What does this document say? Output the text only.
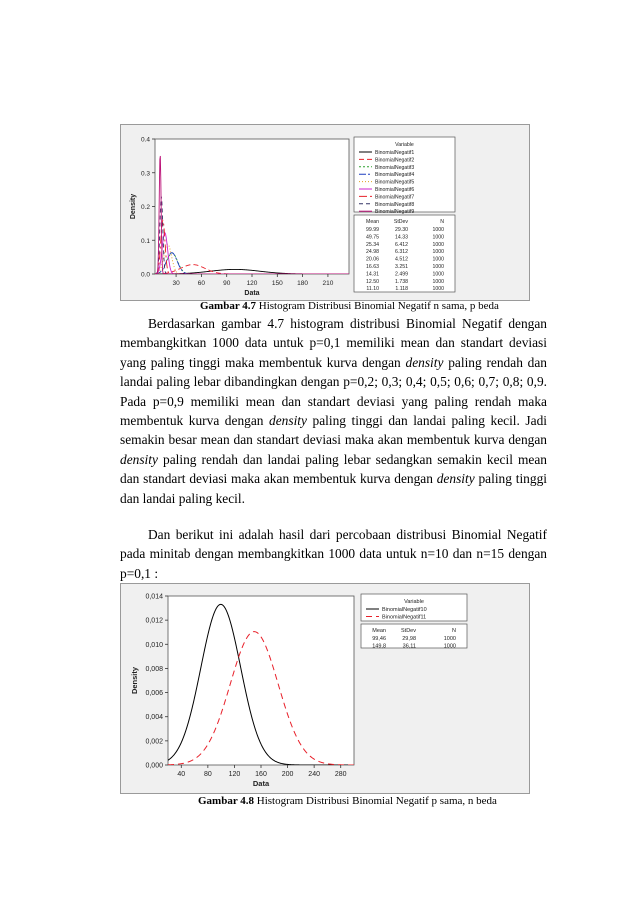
0.0
0.1
0.2
0.3
0.4
30	60	90	120 150 180 210
Data
Density
Variable
BinomialNegatif1
BinomialNegatif2
BinomialNegatif3
BinomialNegatif4
BinomialNegatif5
BinomialNegatif6
BinomialNegatif7
BinomialNegatif8
BinomialNegatif9
Mean	StDev	N
99.99	29.30	1000
49.75	14.33	1000
25.34	6.412	1000
24.98	6.312	1000
20.06	4.512	1000
16.63	3.251	1000
14.31	2.499	1000
12.50	1.738	1000
11.10	1.118	1000
Gambar 4.7 Histogram Distribusi Binomial Negatif n sama, p beda

Berdasarkan gambar 4.7 histogram distribusi Binomial Negatif dengan membangkitkan 1000 data untuk p=0,1 memiliki mean dan standart deviasi yang paling tinggi maka membentuk kurva dengan density paling rendah dan landai paling lebar dibandingkan dengan p=0,2; 0,3; 0,4; 0,5; 0,6; 0,7; 0,8; 0,9. Pada p=0,9 memiliki mean dan standart deviasi yang paling rendah maka membentuk kurva dengan density paling tinggi dan landai paling kecil. Jadi semakin besar mean dan standart deviasi maka akan membentuk kurva dengan density paling rendah dan landai paling lebar sedangkan semakin kecil mean dan standart deviasi maka akan membentuk kurva dengan density paling tinggi dan landai paling kecil.

Dan berikut ini adalah hasil dari percobaan distribusi Binomial Negatif pada minitab dengan membangkitkan 1000 data untuk n=10 dan n=15 dengan p=0,1 :

0,000
0,002
0,004
0,006
0,008
0,010
0,012
0,014
40	80 120 160 200 240 280
Data
Density
Variable
BinomialNegatif10
BinomialNegatif11
Mean	StDev	N
99,46	29,98	1000
149,8	36,11	1000
Gambar 4.8 Histogram Distribusi Binomial Negatif p sama, n beda
